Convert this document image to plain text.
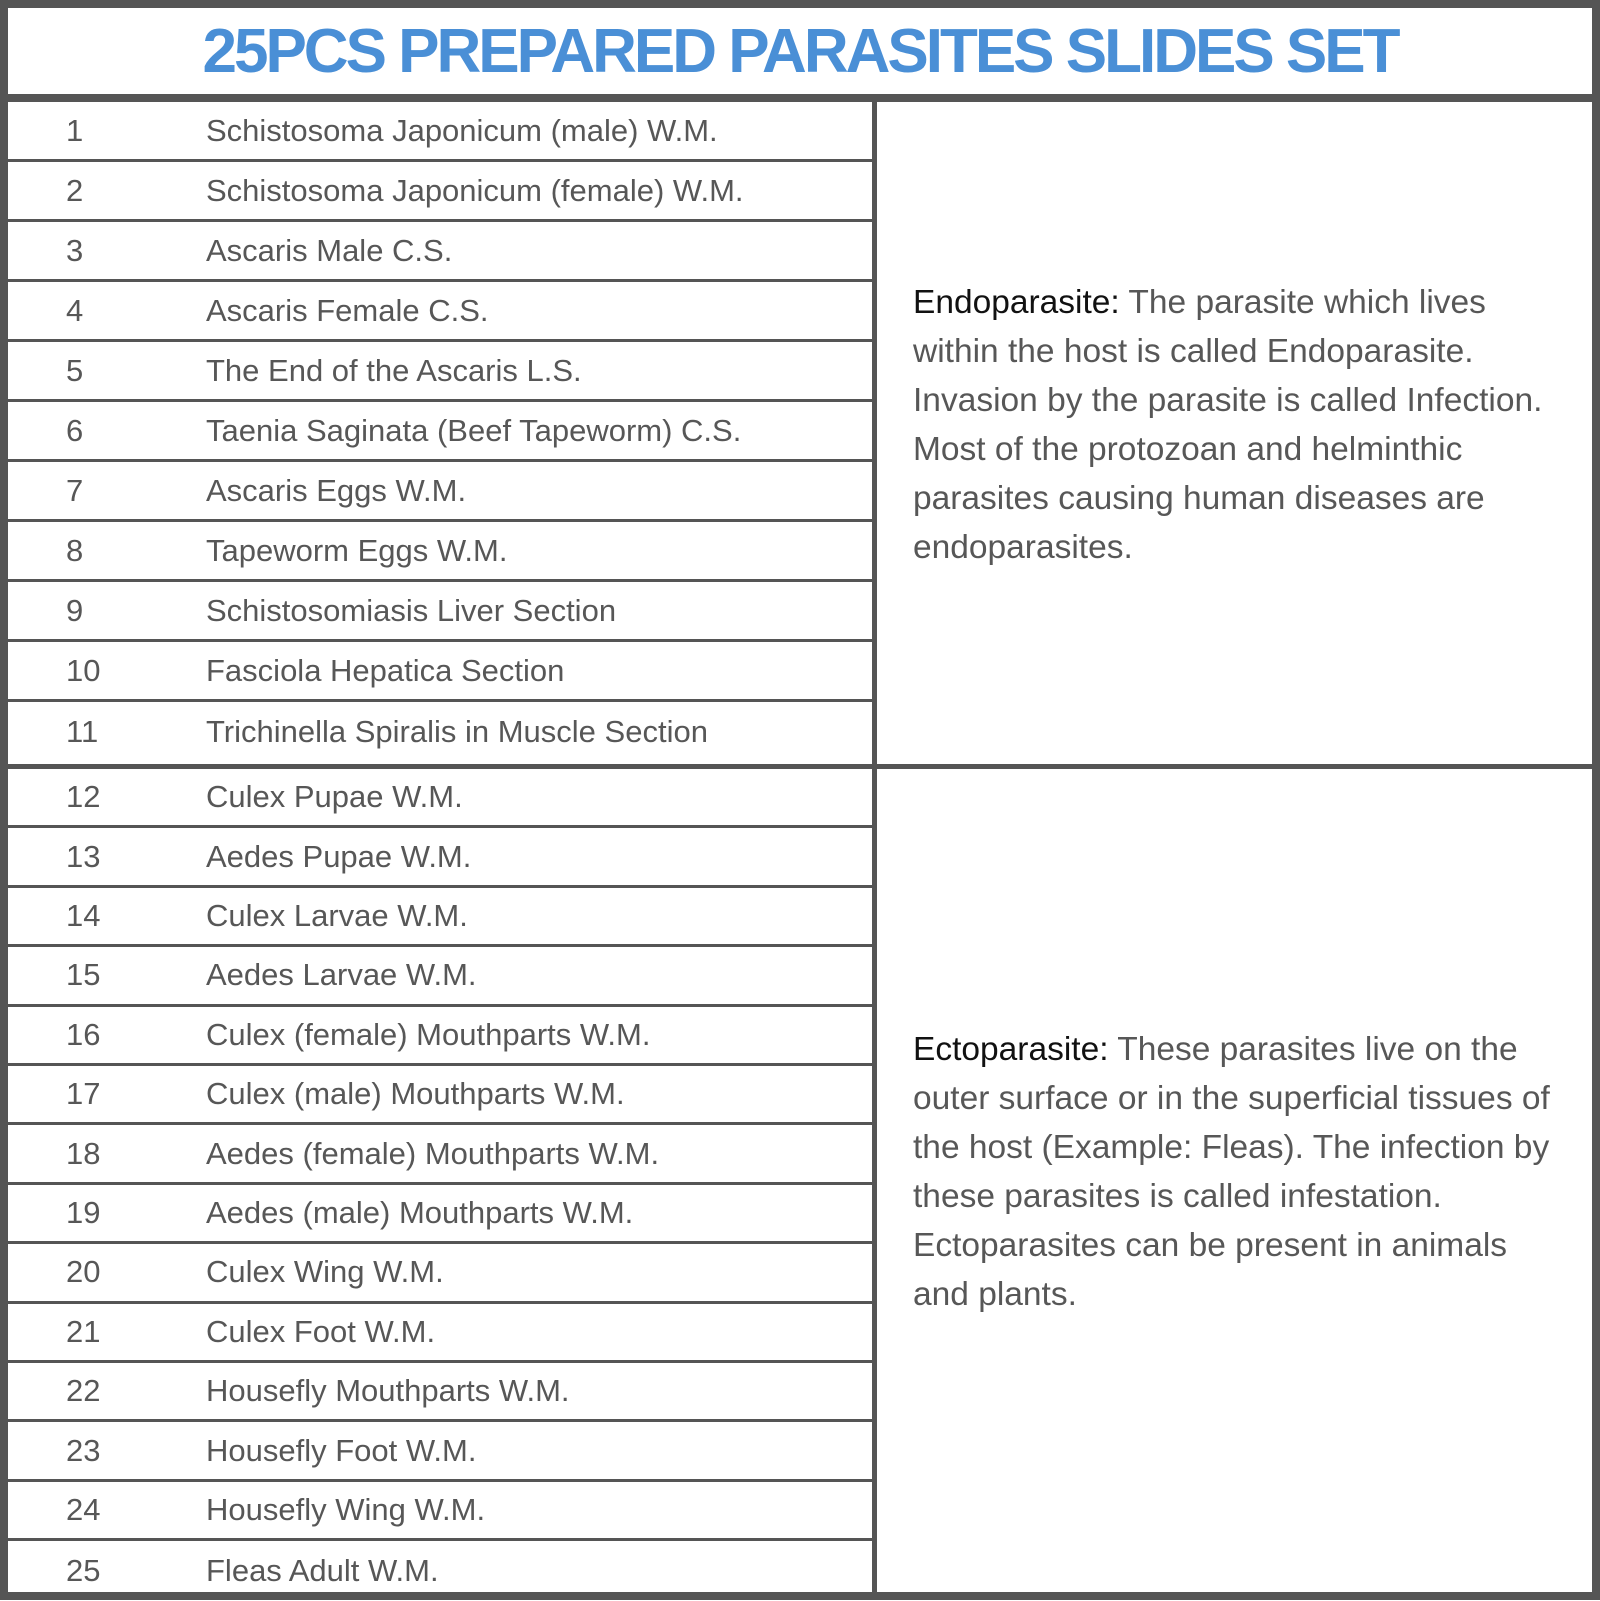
25PCS PREPARED PARASITES SLIDES SET
1	Schistosoma Japonicum (male) W.M.
2	Schistosoma Japonicum (female) W.M.
3	Ascaris Male C.S.
4	Ascaris Female C.S.
5	The End of the Ascaris L.S.
6	Taenia Saginata (Beef Tapeworm) C.S.
7	Ascaris Eggs W.M.
8	Tapeworm Eggs W.M.
9	Schistosomiasis Liver Section
10	Fasciola Hepatica Section
11	Trichinella Spiralis in Muscle Section

Endoparasite: The parasite which lives within the host is called Endoparasite. Invasion by the parasite is called Infection.

Most of the protozoan and helminthic parasites causing human diseases are endoparasites.

12	Culex Pupae W.M.
13	Aedes Pupae W.M.
14	Culex Larvae W.M.
15	Aedes Larvae W.M.
16	Culex (female) Mouthparts W.M.
17	Culex (male) Mouthparts W.M.
18	Aedes (female) Mouthparts W.M.
19	Aedes (male) Mouthparts W.M.
20	Culex Wing W.M.
21	Culex Foot W.M.
22	Housefly Mouthparts W.M.
23	Housefly Foot W.M.
24	Housefly Wing W.M.
25	Fleas Adult W.M.

Ectoparasite: These parasites live on the outer surface or in the superficial tissues of the host (Example: Fleas). The infection by these parasites is called infestation. Ectoparasites can be present in animals and plants.
